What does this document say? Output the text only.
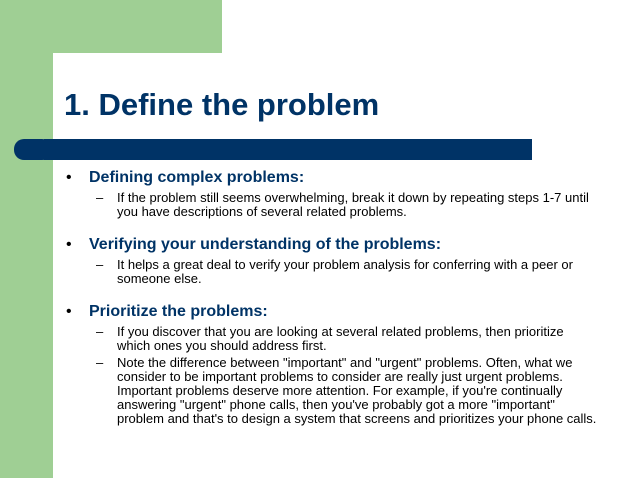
1. Define the problem
•	Defining complex problems:
–	If the problem still seems overwhelming, break it down by repeating steps 1-7 until you have descriptions of several related problems.
•	Verifying your understanding of the problems:
–	It helps a great deal to verify your problem analysis for conferring with a peer or someone else.
•	Prioritize the problems:
–	If you discover that you are looking at several related problems, then prioritize which ones you should address first.
–	Note the difference between "important" and "urgent" problems. Often, what we consider to be important problems to consider are really just urgent problems. Important problems deserve more attention. For example, if you're continually answering "urgent" phone calls, then you've probably got a more "important" problem and that's to design a system that screens and prioritizes your phone calls.
